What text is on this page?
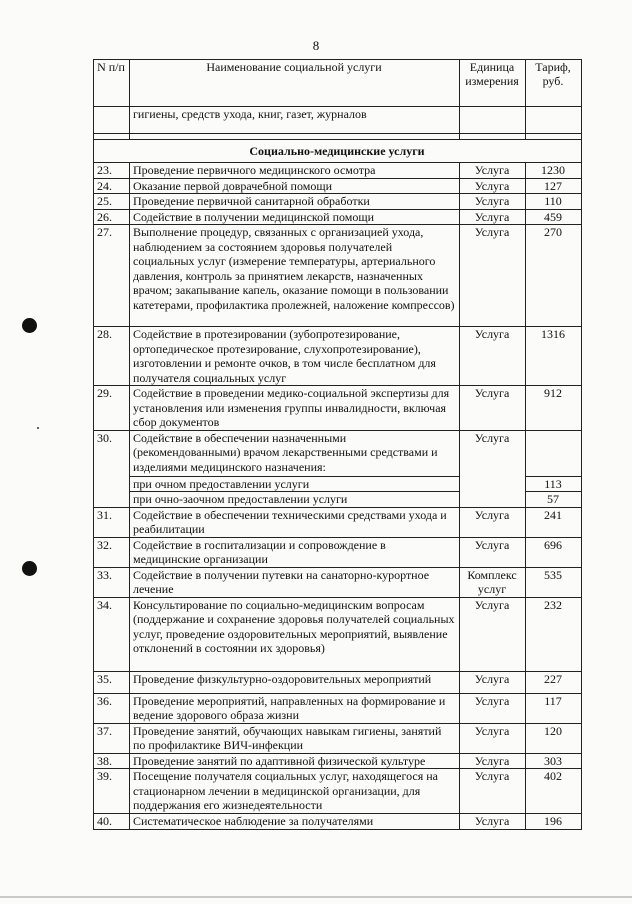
8
N п/п	Наименование социальной услуги	Единица измерения	Тариф, руб.
	гигиены, средств ухода, книг, газет, журналов		

Социально-медицинские услуги			
23.	Проведение первичного медицинского осмотра	Услуга	1230
24.	Оказание первой доврачебной помощи	Услуга	127
25.	Проведение первичной санитарной обработки	Услуга	110
26.	Содействие в получении медицинской помощи	Услуга	459
27.	Выполнение процедур, связанных с организацией ухода, наблюдением за состоянием здоровья получателей социальных услуг (измерение температуры, артериального давления, контроль за принятием лекарств, назначенных врачом; закапывание капель, оказание помощи в пользовании катетерами, профилактика пролежней, наложение компрессов)	Услуга	270
28.	Содействие в протезировании (зубопротезирование, ортопедическое протезирование, слухопротезирование), изготовлении и ремонте очков, в том числе бесплатном для получателя социальных услуг	Услуга	1316
29.	Содействие в проведении медико-социальной экспертизы для установления или изменения группы инвалидности, включая сбор документов	Услуга	912
30.	Содействие в обеспечении назначенными (рекомендованными) врачом лекарственными средствами и изделиями медицинского назначения:	Услуга	
	при очном предоставлении услуги		113
	при очно-заочном предоставлении услуги		57
31.	Содействие в обеспечении техническими средствами ухода и реабилитации	Услуга	241
32.	Содействие в госпитализации и сопровождение в медицинские организации	Услуга	696
33.	Содействие в получении путевки на санаторно-курортное лечение	Комплекс услуг	535
34.	Консультирование по социально-медицинским вопросам (поддержание и сохранение здоровья получателей социальных услуг, проведение оздоровительных мероприятий, выявление отклонений в состоянии их здоровья)	Услуга	232
35.	Проведение физкультурно-оздоровительных мероприятий	Услуга	227
36.	Проведение мероприятий, направленных на формирование и ведение здорового образа жизни	Услуга	117
37.	Проведение занятий, обучающих навыкам гигиены, занятий по профилактике ВИЧ-инфекции	Услуга	120
38.	Проведение занятий по адаптивной физической культуре	Услуга	303
39.	Посещение получателя социальных услуг, находящегося на стационарном лечении в медицинской организации, для поддержания его жизнедеятельности	Услуга	402
40.	Систематическое наблюдение за получателями	Услуга	196
